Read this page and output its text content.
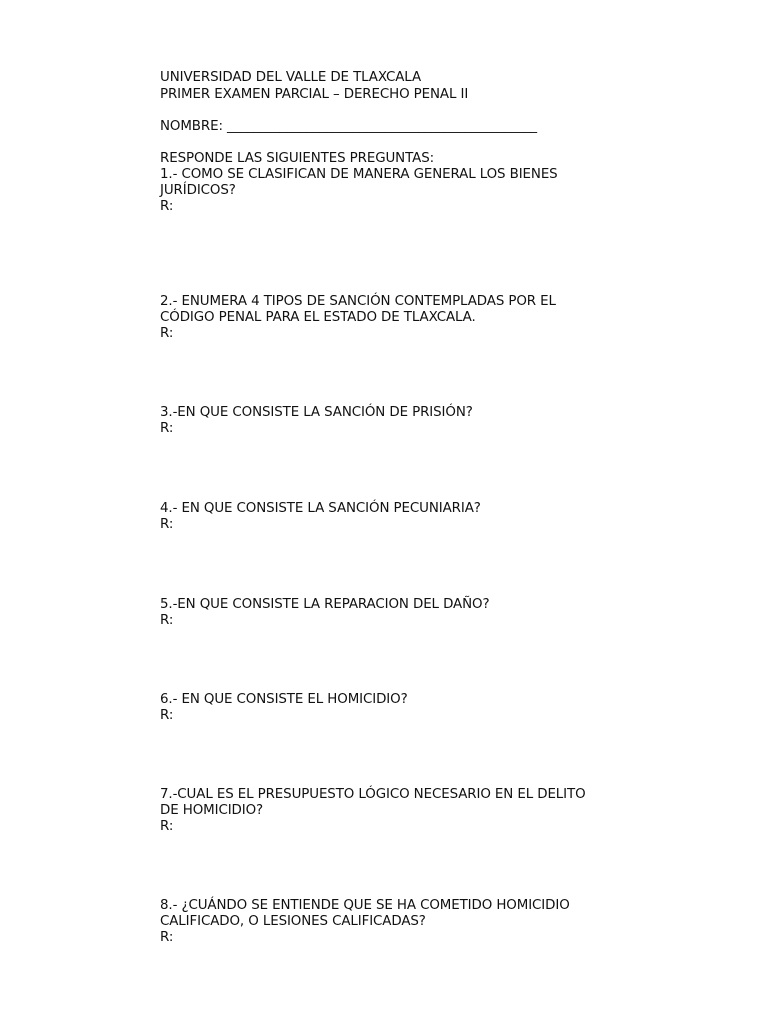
UNIVERSIDAD DEL VALLE DE TLAXCALA
PRIMER EXAMEN PARCIAL – DERECHO PENAL II
NOMBRE: _______________________________________________
RESPONDE LAS SIGUIENTES PREGUNTAS:
1.- COMO SE CLASIFICAN DE MANERA GENERAL LOS BIENES
JURÍDICOS?
R:
2.- ENUMERA 4 TIPOS DE SANCIÓN CONTEMPLADAS POR EL
CÓDIGO PENAL PARA EL ESTADO DE TLAXCALA.
R:
3.-EN QUE CONSISTE LA SANCIÓN DE PRISIÓN?
R:
4.- EN QUE CONSISTE LA SANCIÓN PECUNIARIA?
R:
5.-EN QUE CONSISTE LA REPARACION DEL DAÑO?
R:
6.- EN QUE CONSISTE EL HOMICIDIO?
R:
7.-CUAL ES EL PRESUPUESTO LÓGICO NECESARIO EN EL DELITO
DE HOMICIDIO?
R:
8.- ¿CUÁNDO SE ENTIENDE QUE SE HA COMETIDO HOMICIDIO
CALIFICADO, O LESIONES CALIFICADAS?
R:
